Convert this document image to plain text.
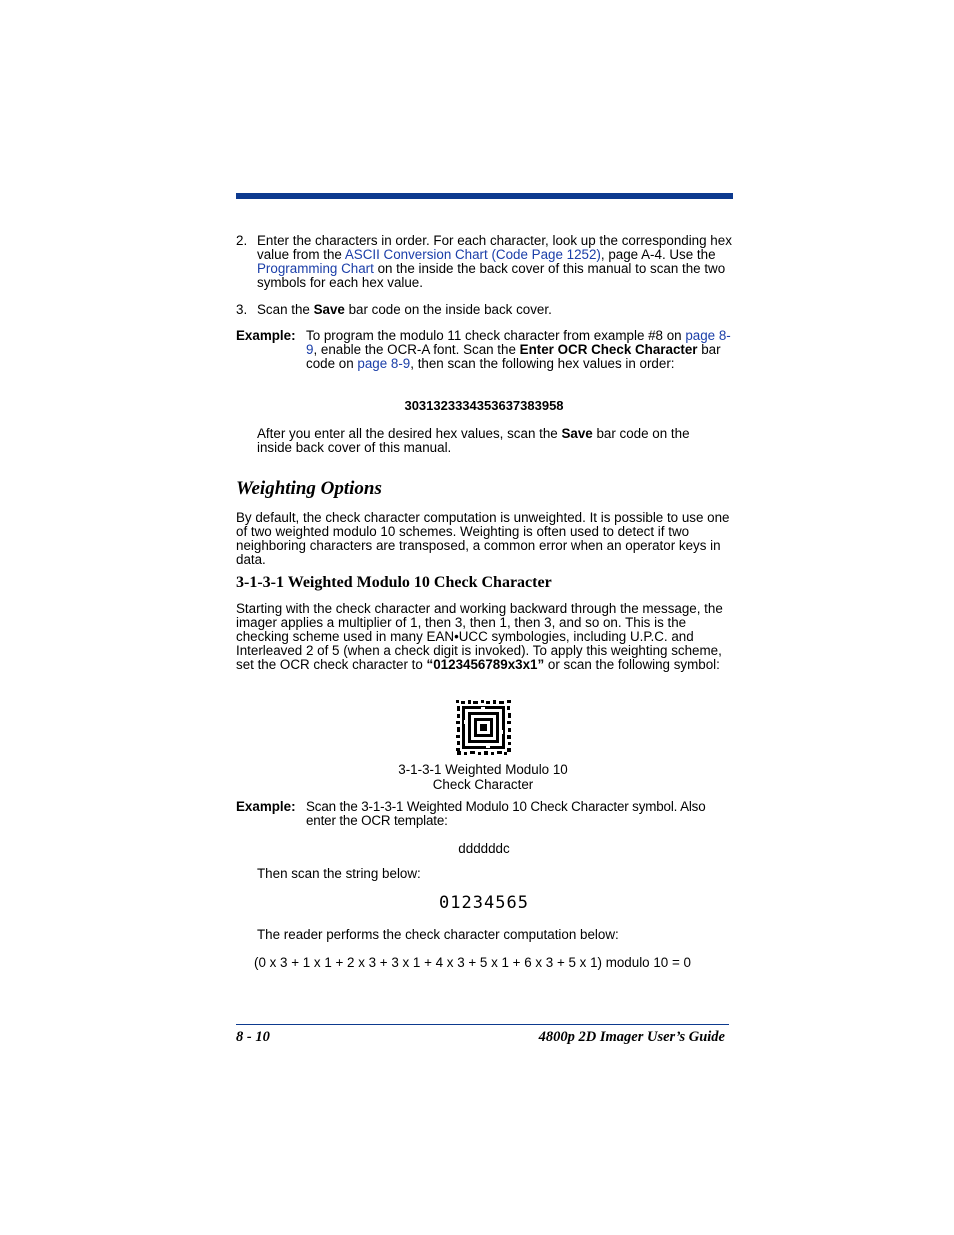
2. Enter the characters in order. For each character, look up the corresponding hex value from the ASCII Conversion Chart (Code Page 1252), page A-4. Use the Programming Chart on the inside the back cover of this manual to scan the two symbols for each hex value.
3. Scan the Save bar code on the inside back cover.
Example: To program the modulo 11 check character from example #8 on page 8-9, enable the OCR-A font. Scan the Enter OCR Check Character bar code on page 8-9, then scan the following hex values in order:
3031323334353637383958
After you enter all the desired hex values, scan the Save bar code on the inside back cover of this manual.
Weighting Options
By default, the check character computation is unweighted. It is possible to use one of two weighted modulo 10 schemes. Weighting is often used to detect if two neighboring characters are transposed, a common error when an operator keys in data.
3-1-3-1 Weighted Modulo 10 Check Character
Starting with the check character and working backward through the message, the imager applies a multiplier of 1, then 3, then 1, then 3, and so on. This is the checking scheme used in many EAN•UCC symbologies, including U.P.C. and Interleaved 2 of 5 (when a check digit is invoked). To apply this weighting scheme, set the OCR check character to “0123456789x3x1” or scan the following symbol:
3-1-3-1 Weighted Modulo 10
Check Character
Example: Scan the 3-1-3-1 Weighted Modulo 10 Check Character symbol. Also enter the OCR template:
ddddddc
Then scan the string below:
01234565
The reader performs the check character computation below:
(0 x 3 + 1 x 1 + 2 x 3 + 3 x 1 + 4 x 3 + 5 x 1 + 6 x 3 + 5 x 1) modulo 10 = 0
8 - 10	4800p 2D Imager User’s Guide
